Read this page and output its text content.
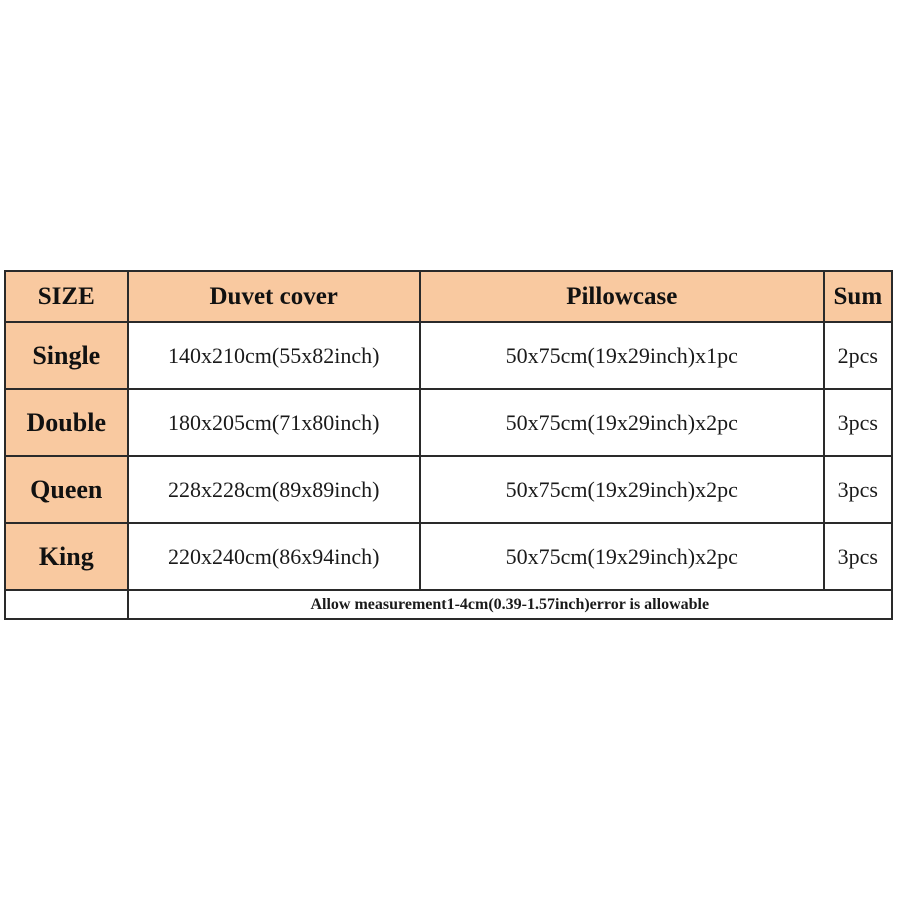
SIZE	Duvet cover	Pillowcase	Sum
Single	140x210cm(55x82inch)	50x75cm(19x29inch)x1pc	2pcs
Double	180x205cm(71x80inch)	50x75cm(19x29inch)x2pc	3pcs
Queen	228x228cm(89x89inch)	50x75cm(19x29inch)x2pc	3pcs
King	220x240cm(86x94inch)	50x75cm(19x29inch)x2pc	3pcs
	Allow measurement1-4cm(0.39-1.57inch)error is allowable		
